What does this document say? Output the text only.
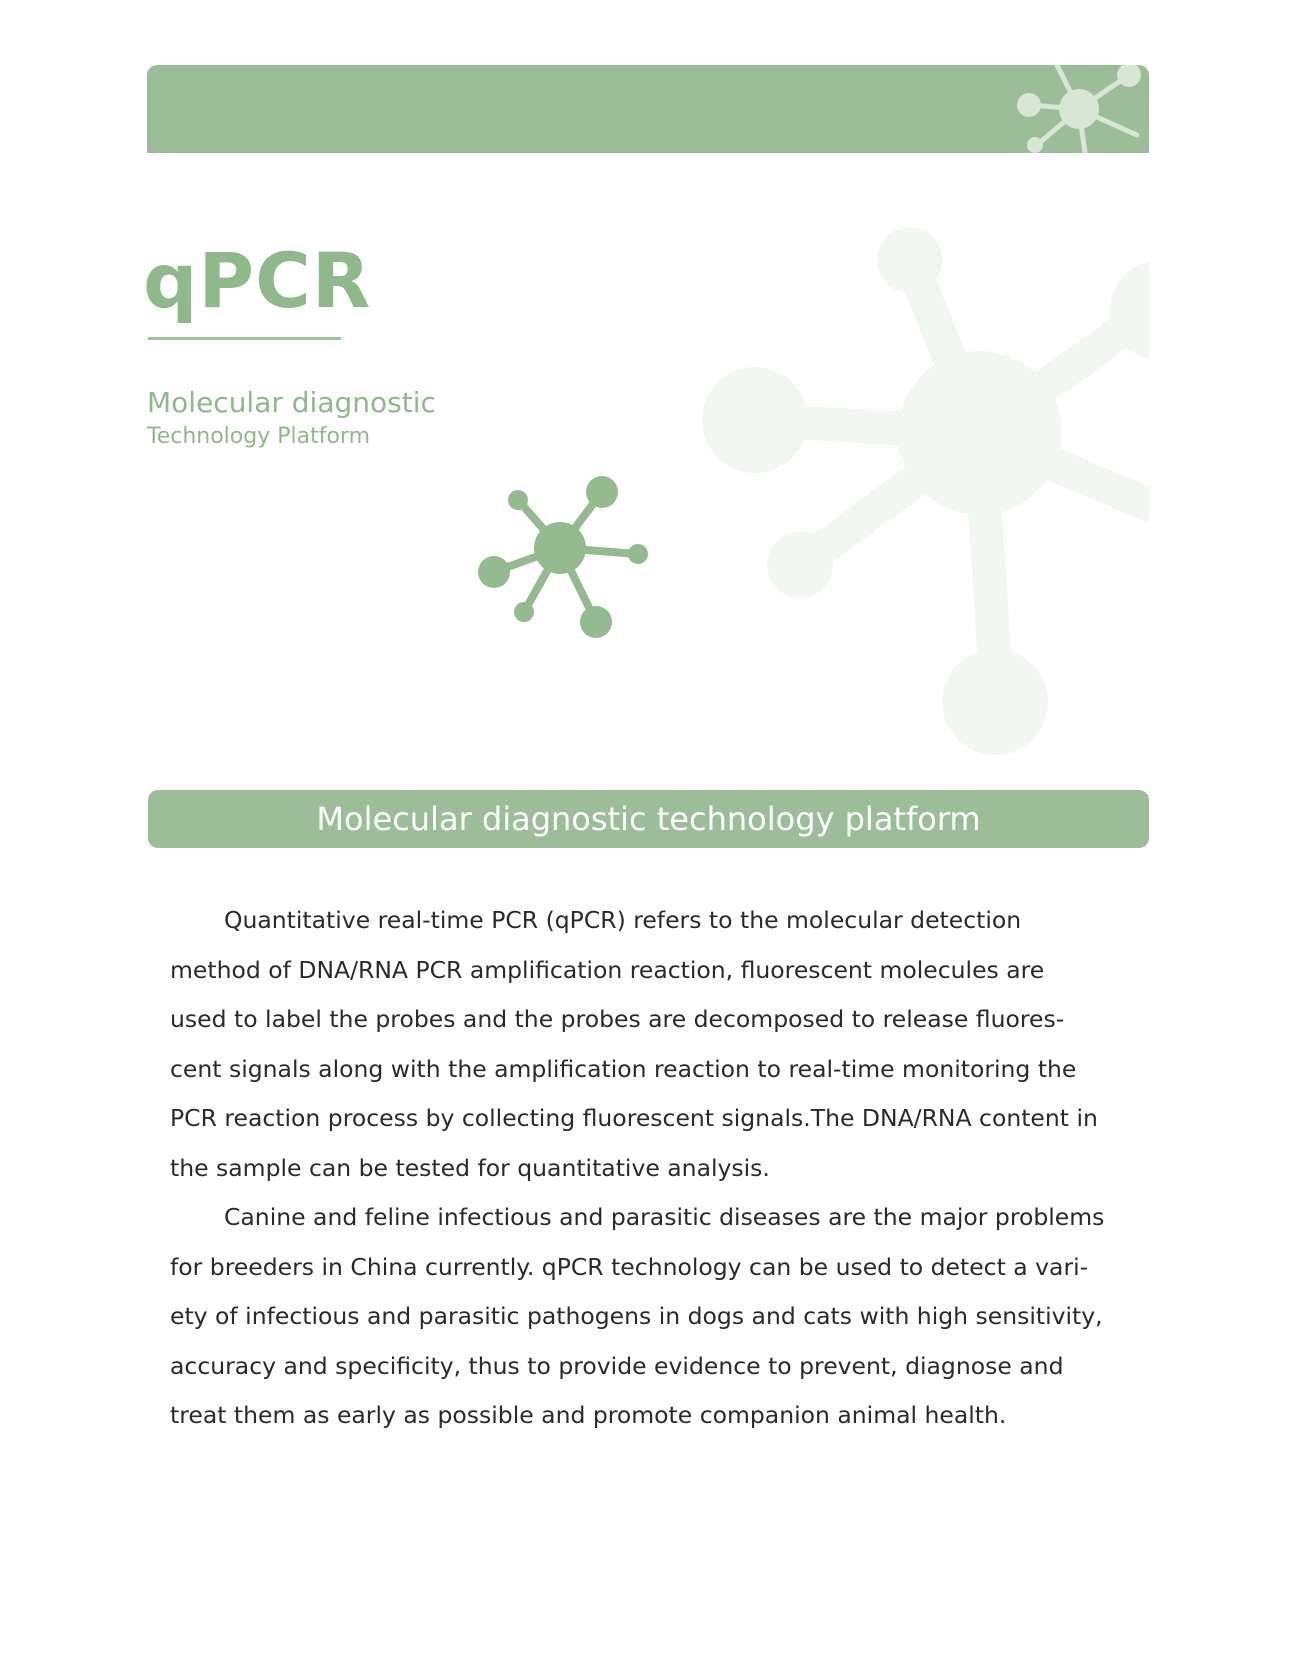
qPCR
Molecular diagnostic
Technology Platform
Molecular diagnostic technology platform

Quantitative real-time PCR (qPCR) refers to the molecular detection
method of DNA/RNA PCR amplification reaction, fluorescent molecules are
used to label the probes and the probes are decomposed to release fluores-
cent signals along with the amplification reaction to real-time monitoring the
PCR reaction process by collecting fluorescent signals.The DNA/RNA content in
the sample can be tested for quantitative analysis.

Canine and feline infectious and parasitic diseases are the major problems
for breeders in China currently. qPCR technology can be used to detect a vari-
ety of infectious and parasitic pathogens in dogs and cats with high sensitivity,
accuracy and specificity, thus to provide evidence to prevent, diagnose and
treat them as early as possible and promote companion animal health.
